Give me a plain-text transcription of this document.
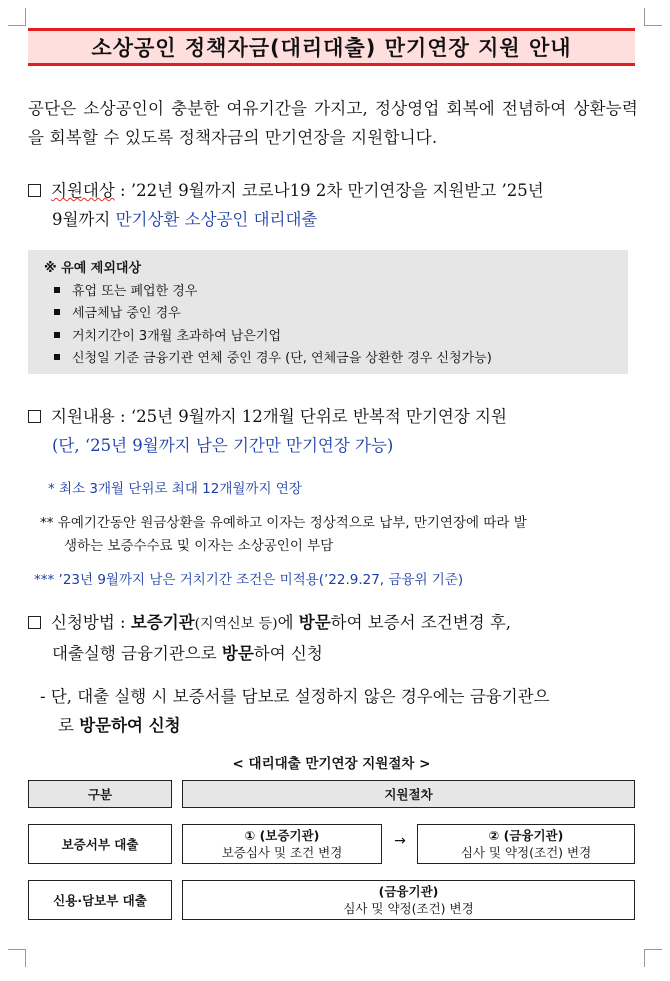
소상공인 정책자금(대리대출) 만기연장 지원 안내

공단은 소상공인이 충분한 여유기간을 가지고, 정상영업 회복에 전념하여 상환능력을 회복할 수 있도록 정책자금의 만기연장을 지원합니다.

지원대상 : ’22년 9월까지 코로나19 2차 만기연장을 지원받고 ’25년
9월까지 만기상환 소상공인 대리대출
※ 유예 제외대상
휴업 또는 폐업한 경우
세금체납 중인 경우
거치기간이 3개월 초과하여 남은기업
신청일 기준 금융기관 연체 중인 경우 (단, 연체금을 상환한 경우 신청가능)
지원내용 : ‘25년 9월까지 12개월 단위로 반복적 만기연장 지원
(단, ‘25년 9월까지 남은 기간만 만기연장 가능)
* 최소 3개월 단위로 최대 12개월까지 연장
** 유예기간동안 원금상환을 유예하고 이자는 정상적으로 납부, 만기연장에 따라 발
생하는 보증수수료 및 이자는 소상공인이 부담
*** ’23년 9월까지 남은 거치기간 조건은 미적용(’22.9.27, 금융위 기준)
신청방법 : 보증기관(지역신보 등)에 방문하여 보증서 조건변경 후,
대출실행 금융기관으로 방문하여 신청
- 단, 대출 실행 시 보증서를 담보로 설정하지 않은 경우에는 금융기관으
로 방문하여 신청
< 대리대출 만기연장 지원절차 >
구분	지원절차
보증서부 대출
① (보증기관)
보증심사 및 조건 변경
→	② (금융기관)
심사 및 약정(조건) 변경
신용·담보부 대출
(금융기관)
심사 및 약정(조건) 변경
